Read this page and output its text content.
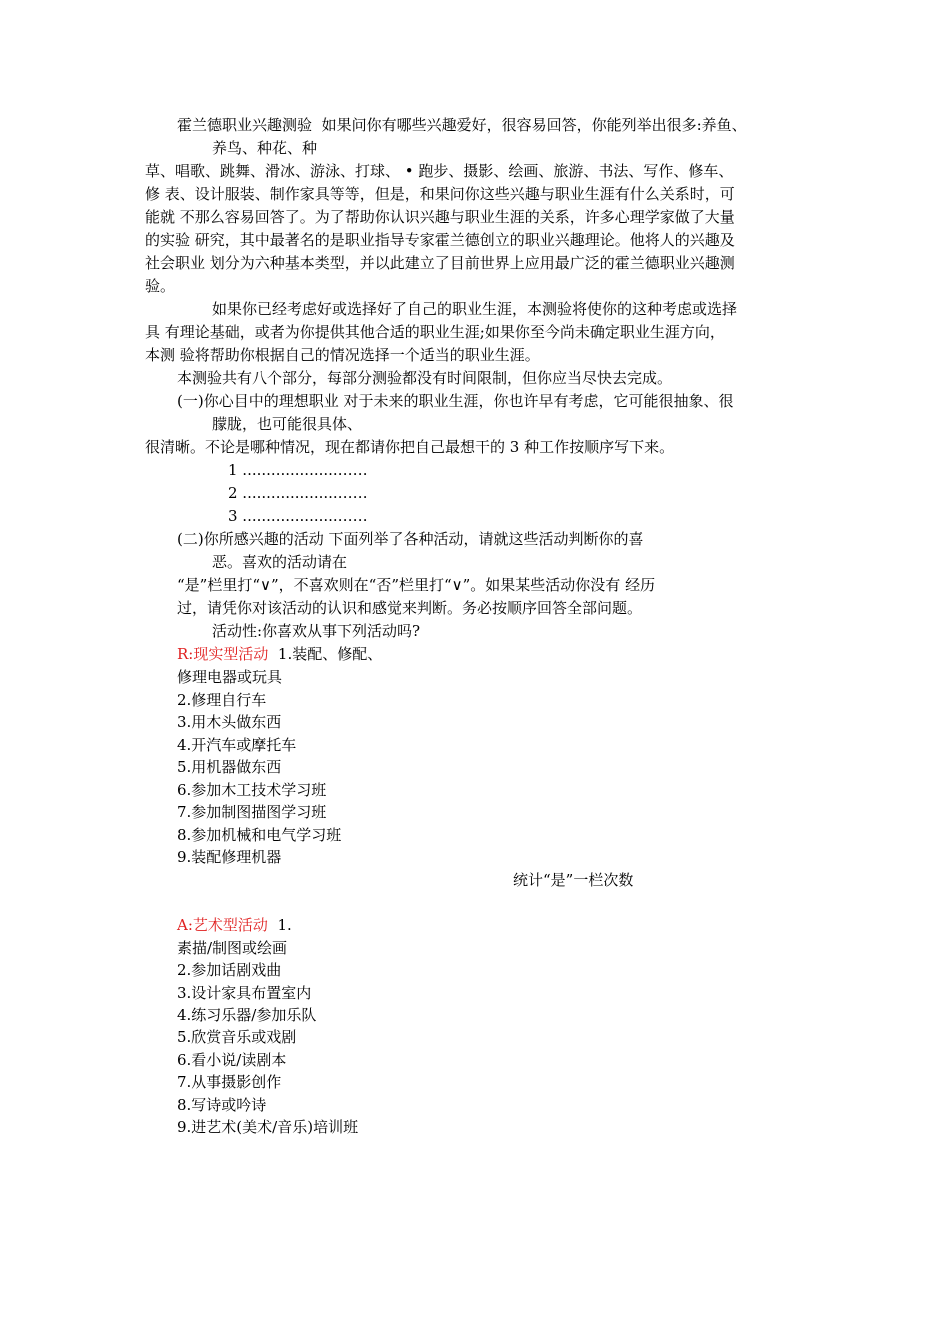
霍兰德职业兴趣测验 如果问你有哪些兴趣爱好，很容易回答，你能列举出很多:养鱼、
养鸟、种花、种
草、唱歌、跳舞、滑冰、游泳、打球、 • 跑步、摄影、绘画、旅游、书法、写作、修车、
修 表、设计服装、制作家具等等，但是，和果问你这些兴趣与职业生涯有什么关系时，可
能就 不那么容易回答了。为了帮助你认识兴趣与职业生涯的关系，许多心理学家做了大量
的实验 研究，其中最著名的是职业指导专家霍兰德创立的职业兴趣理论。他将人的兴趣及
社会职业 划分为六种基本类型，并以此建立了目前世界上应用最广泛的霍兰德职业兴趣测
验。
如果你已经考虑好或选择好了自己的职业生涯，本测验将使你的这种考虑或选择
具 有理论基础，或者为你提供其他合适的职业生涯;如果你至今尚未确定职业生涯方向，
本测 验将帮助你根据自己的情况选择一个适当的职业生涯。
本测验共有八个部分，每部分测验都没有时间限制，但你应当尽快去完成。
(一)你心目中的理想职业 对于未来的职业生涯，你也许早有考虑，它可能很抽象、很
朦胧，也可能很具体、
很清晰。不论是哪种情况，现在都请你把自己最想干的 3 种工作按顺序写下来。
1 ....................……
2 ....................……
3 ....................……
(二)你所感兴趣的活动 下面列举了各种活动，请就这些活动判断你的喜
恶。喜欢的活动请在
“是”栏里打“∨”，不喜欢则在“否”栏里打“∨”。如果某些活动你没有 经历
过，请凭你对该活动的认识和感觉来判断。务必按顺序回答全部问题。
活动性:你喜欢从事下列活动吗?
R:现实型活动 1.装配、修配、
修理电器或玩具
2.修理自行车
3.用木头做东西
4.开汽车或摩托车
5.用机器做东西
6.参加木工技术学习班
7.参加制图描图学习班
8.参加机械和电气学习班
9.装配修理机器
统计“是”一栏次数
A:艺术型活动 1.
素描/制图或绘画
2.参加话剧戏曲
3.设计家具布置室内
4.练习乐器/参加乐队
5.欣赏音乐或戏剧
6.看小说/读剧本
7.从事摄影创作
8.写诗或吟诗
9.进艺术(美术/音乐)培训班
